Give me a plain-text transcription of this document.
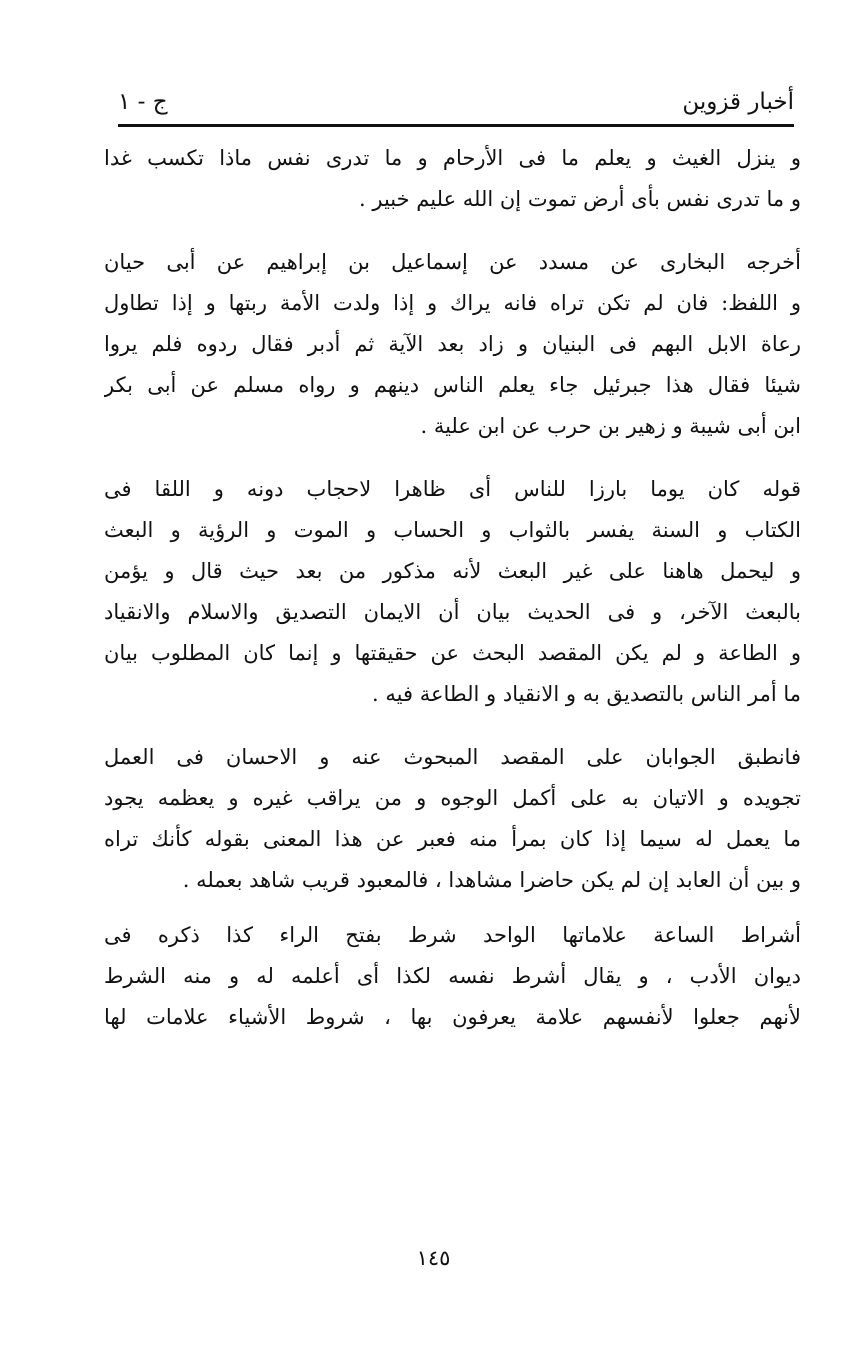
أخبار قزوين
ج - ١
و ينزل الغيث و يعلم ما فى الأرحام و ما تدرى نفس ماذا تكسب غدا
و ما تدرى نفس بأى أرض تموت إن الله عليم خبير .
أخرجه البخارى عن مسدد عن إسماعيل بن إبراهيم عن أبى حيان
و اللفظ: فان لم تكن تراه فانه يراك و إذا ولدت الأمة ربتها و إذا تطاول
رعاة الابل البهم فى البنيان و زاد بعد الآية ثم أدبر فقال ردوه فلم يروا
شيئا فقال هذا جبرئيل جاء يعلم الناس دينهم و رواه مسلم عن أبى بكر
ابن أبى شيبة و زهير بن حرب عن ابن علية .
قوله كان يوما بارزا للناس أى ظاهرا لاحجاب دونه و اللقا فى
الكتاب و السنة يفسر بالثواب و الحساب و الموت و الرؤية و البعث
و ليحمل هاهنا على غير البعث لأنه مذكور من بعد حيث قال و يؤمن
بالبعث الآخر، و فى الحديث بيان أن الايمان التصديق والاسلام والانقياد
و الطاعة و لم يكن المقصد البحث عن حقيقتها و إنما كان المطلوب بيان
ما أمر الناس بالتصديق به و الانقياد و الطاعة فيه .
فانطبق الجوابان على المقصد المبحوث عنه و الاحسان فى العمل
تجويده و الاتيان به على أكمل الوجوه و من يراقب غيره و يعظمه يجود
ما يعمل له سيما إذا كان بمرأ منه فعبر عن هذا المعنى بقوله كأنك تراه
و بين أن العابد إن لم يكن حاضرا مشاهدا ، فالمعبود قريب شاهد بعمله .
أشراط الساعة علاماتها الواحد شرط بفتح الراء كذا ذكره فى
ديوان الأدب ، و يقال أشرط نفسه لكذا أى أعلمه له و منه الشرط
لأنهم جعلوا لأنفسهم علامة يعرفون بها ، شروط الأشياء علامات لها
١٤٥
